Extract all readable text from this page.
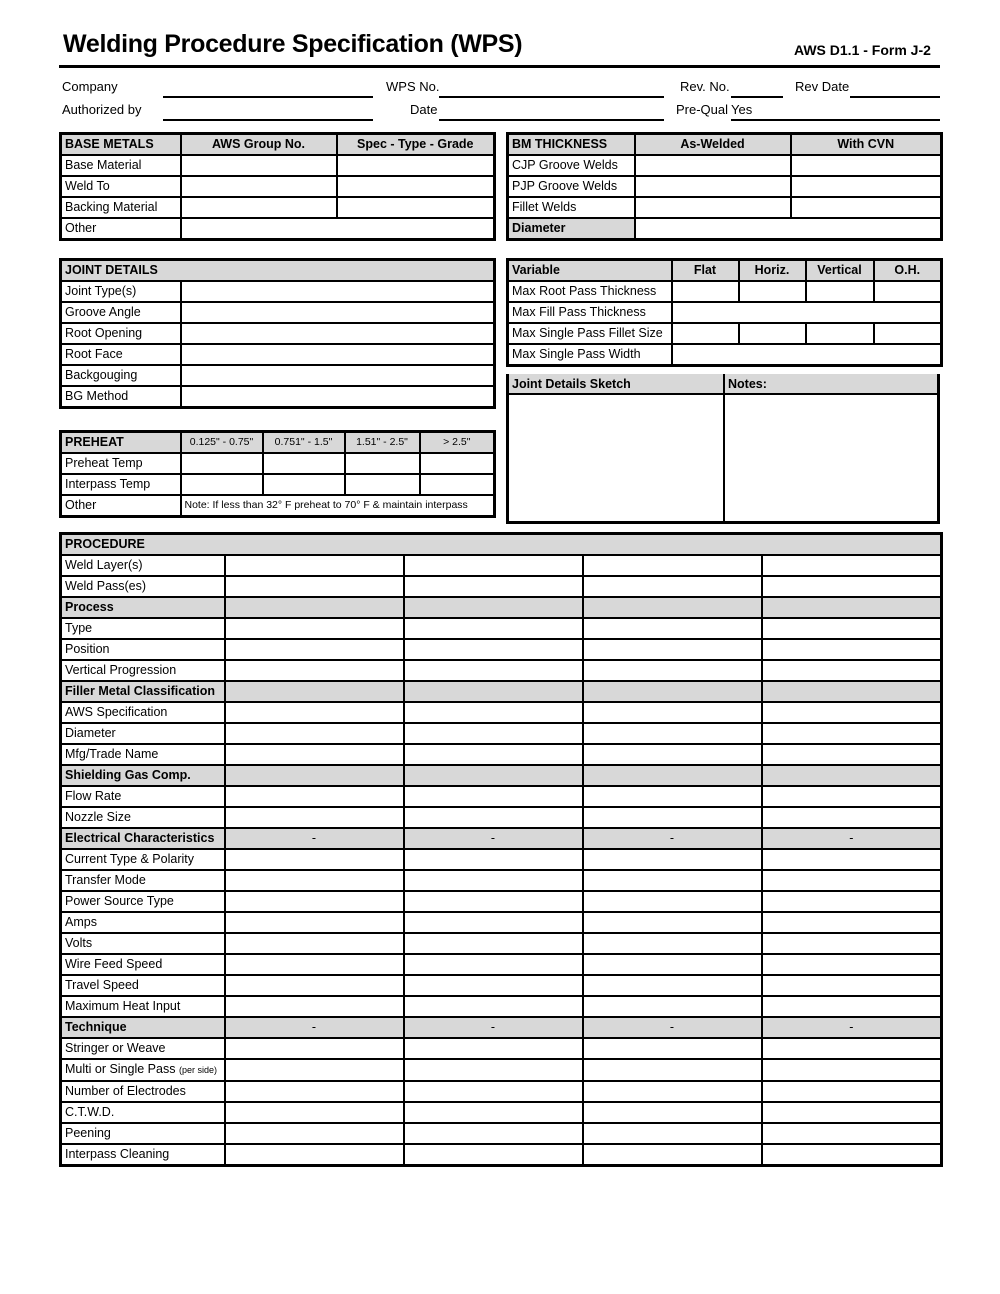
Welding Procedure Specification (WPS)	AWS D1.1 - Form J-2
Company	WPS No.	Rev. No.	Rev Date
Authorized by	Date	Pre-Qual Yes
BASE METALS	AWS Group No.	Spec - Type - Grade
Base Material		
Weld To		
Backing Material		
Other		
BM THICKNESS	As-Welded	With CVN
CJP Groove Welds		
PJP Groove Welds		
Fillet Welds		
Diameter		
JOINT DETAILS	
Joint Type(s)	
Groove Angle	
Root Opening	
Root Face	
Backgouging	
BG Method	
Variable	Flat	Horiz.	Vertical	O.H.
Max Root Pass Thickness				
Max Fill Pass Thickness				
Max Single Pass Fillet Size				
Max Single Pass Width				
Joint Details Sketch	Notes:
PREHEAT	0.125" - 0.75"	0.751" - 1.5"	1.51" - 2.5"	> 2.5"
Preheat Temp				
Interpass Temp				
Other	Note: If less than 32° F preheat to 70° F & maintain interpass			
PROCEDURE				
Weld Layer(s)				
Weld Pass(es)				
Process				
Type				
Position				
Vertical Progression				
Filler Metal Classification				
AWS Specification				
Diameter				
Mfg/Trade Name				
Shielding Gas Comp.				
Flow Rate				
Nozzle Size				
Electrical Characteristics	-	-	-	-
Current Type & Polarity				
Transfer Mode				
Power Source Type				
Amps				
Volts				
Wire Feed Speed				
Travel Speed				
Maximum Heat Input				
Technique	-	-	-	-
Stringer or Weave				
Multi or Single Pass (per side)				
Number of Electrodes				
C.T.W.D.				
Peening				
Interpass Cleaning				
